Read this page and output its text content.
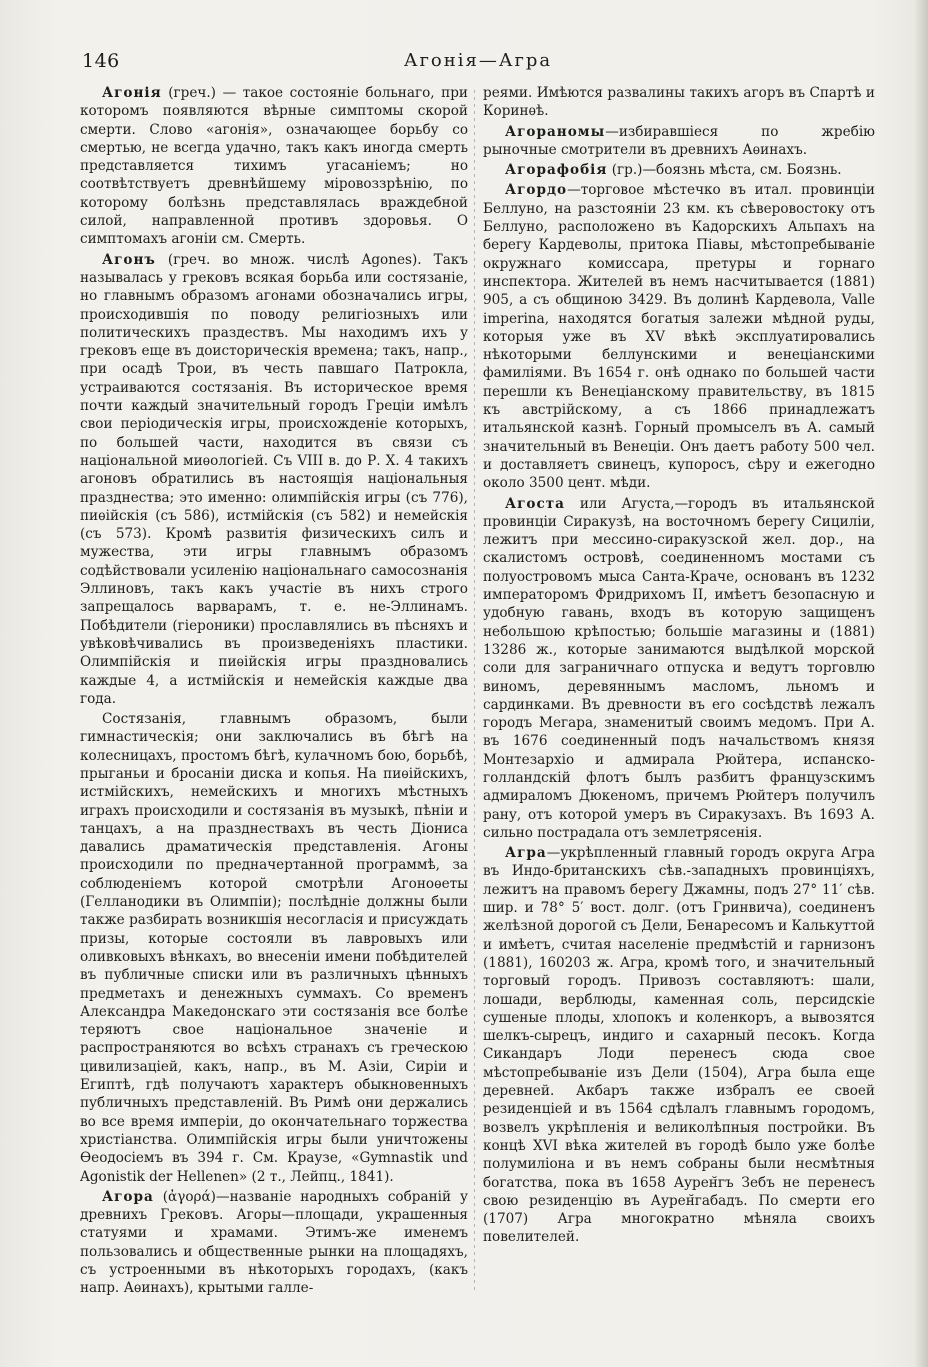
146	Агонiя—Агра

Агонiя (греч.) — такое состоянiе больнаго, при которомъ появляются вѣрные симптомы скорой смерти. Слово «агонiя», означающее борьбу со смертью, не всегда удачно, такъ какъ иногда смерть представляется тихимъ угасанiемъ; но соотвѣтствуетъ древнѣйшему мiровоззрѣнiю, по которому болѣзнь представлялась враждебной силой, направленной противъ здоровья. О симптомахъ агонiи см. Смерть.

Агонъ (греч. во множ. числѣ Agones). Такъ называлась у грековъ всякая борьба или состязанiе, но главнымъ образомъ агонами обозначались игры, происходившiя по поводу религiозныхъ или политическихъ праздествъ. Мы находимъ ихъ у грековъ еще въ доисторическiя времена; такъ, напр., при осадѣ Трои, въ честь павшаго Патрокла, устраиваются состязанiя. Въ историческое время почти каждый значительный городъ Грецiи имѣлъ свои перiодическiя игры, происхожденiе которыхъ, по большей части, находится въ связи съ нацiональной миѳологiей. Съ VIII в. до Р. X. 4 такихъ агоновъ обратились въ настоящiя нацiональныя празднества; это именно: олимпiйскiя игры (съ 776), пиѳiйскiя (съ 586), истмiйскiя (съ 582) и немейскiя (съ 573). Кромѣ развитiя физическихъ силъ и мужества, эти игры главнымъ образомъ содѣйствовали усиленiю нацiональнаго самосознанiя Эллиновъ, такъ какъ участiе въ нихъ строго запрещалось варварамъ, т. е. не-Эллинамъ. Побѣдители (гiероники) прославлялись въ пѣсняхъ и увѣковѣчивались въ произведенiяхъ пластики. Олимпiйскiя и пиѳiйскiя игры праздновались каждые 4, а истмiйскiя и немейскiя каждые два года.

Состязанiя, главнымъ образомъ, были гимнастическiя; они заключались въ бѣгѣ на колесницахъ, простомъ бѣгѣ, кулачномъ бою, борьбѣ, прыганьи и бросанiи диска и копья. На пиѳiйскихъ, истмiйскихъ, немейскихъ и многихъ мѣстныхъ играхъ происходили и состязанiя въ музыкѣ, пѣнiи и танцахъ, а на празднествахъ въ честь Дiониса давались драматическiя представленiя. Агоны происходили по предначертанной программѣ, за соблюденiемъ которой смотрѣли Агоноѳеты (Гелланодики въ Олимпiи); послѣднiе должны были также разбирать возникшiя несогласiя и присуждать призы, которые состояли въ лавровыхъ или оливковыхъ вѣнкахъ, во внесенiи имени побѣдителей въ публичные списки или въ различныхъ цѣнныхъ предметахъ и денежныхъ суммахъ. Со временъ Александра Македонскаго эти состязанiя все болѣе теряютъ свое нацiональное значенiе и распространяются во всѣхъ странахъ съ греческою цивилизацiей, какъ, напр., въ М. Азiи, Сирiи и Египтѣ, гдѣ получаютъ характеръ обыкновенныхъ публичныхъ представленiй. Въ Римѣ они держались во все время имперiи, до окончательнаго торжества христiанства. Олимпiйскiя игры были уничтожены Ѳеодосiемъ въ 394 г. См. Краузе, «Gymnastik und Agonistik der Hellenen» (2 т., Лейпц., 1841).

Агора (ἀγορά)—названiе народныхъ собранiй у древнихъ Грековъ. Агоры—площади, украшенныя статуями и храмами. Этимъ-же именемъ пользовались и общественные рынки на площадяхъ, съ устроенными въ нѣкоторыхъ городахъ, (какъ напр. Аѳинахъ), крытыми галле-

реями. Имѣются развалины такихъ агоръ въ Спартѣ и Коринѳѣ.

Агораномы—избиравшiеся по жребiю рыночные смотрители въ древнихъ Аѳинахъ.

Агорафобiя (гр.)—боязнь мѣста, см. Боязнь.

Агордо—торговое мѣстечко въ итал. провинцiи Беллуно, на разстоянiи 23 км. къ сѣверовостоку отъ Беллуно, расположено въ Кадорскихъ Альпахъ на берегу Кардеволы, притока Пiавы, мѣстопребыванiе окружнаго комиссара, претуры и горнаго инспектора. Жителей въ немъ насчитывается (1881) 905, а съ общиною 3429. Въ долинѣ Кардевола, Valle imperina, находятся богатыя залежи мѣдной руды, которыя уже въ XV вѣкѣ эксплуатировались нѣкоторыми беллунскими и венецiанскими фамилiями. Въ 1654 г. онѣ однако по большей части перешли къ Венецiанскому правительству, въ 1815 къ австрiйскому, а съ 1866 принадлежатъ итальянской казнѣ. Горный промыселъ въ А. самый значительный въ Венецiи. Онъ даетъ работу 500 чел. и доставляетъ свинецъ, купоросъ, сѣру и ежегодно около 3500 цент. мѣди.

Агоста или Агуста,—городъ въ итальянской провинцiи Сиракузѣ, на восточномъ берегу Сицилiи, лежитъ при мессино-сиракузской жел. дор., на скалистомъ островѣ, соединенномъ мостами съ полуостровомъ мыса Санта-Краче, основанъ въ 1232 императоромъ Фридрихомъ II, имѣетъ безопасную и удобную гавань, входъ въ которую защищенъ небольшою крѣпостью; большiе магазины и (1881) 13286 ж., которые занимаются выдѣлкой морской соли для заграничнаго отпуска и ведутъ торговлю виномъ, деревяннымъ масломъ, льномъ и сардинками. Въ древности въ его сосѣдствѣ лежалъ городъ Мегара, знаменитый своимъ медомъ. При А. въ 1676 соединенный подъ начальствомъ князя Монтезархiо и адмирала Рюйтера, испанско-голландскiй флотъ былъ разбитъ французскимъ адмираломъ Дюкеномъ, причемъ Рюйтеръ получилъ рану, отъ которой умеръ въ Сиракузахъ. Въ 1693 А. сильно пострадала отъ землетрясенiя.

Агра—укрѣпленный главный городъ округа Агра въ Индо-британскихъ сѣв.-западныхъ провинцiяхъ, лежитъ на правомъ берегу Джамны, подъ 27° 11′ сѣв. шир. и 78° 5′ вост. долг. (отъ Гринвича), соединенъ желѣзной дорогой съ Дели, Бенаресомъ и Калькуттой и имѣетъ, считая населенiе предмѣстiй и гарнизонъ (1881), 160203 ж. Агра, кромѣ того, и значительный торговый городъ. Привозъ составляютъ: шали, лошади, верблюды, каменная соль, персидскiе сушеные плоды, хлопокъ и коленкоръ, а вывозятся шелкъ-сырецъ, индиго и сахарный песокъ. Когда Сикандаръ Лоди перенесъ сюда свое мѣстопребыванiе изъ Дели (1504), Агра была еще деревней. Акбаръ также избралъ ее своей резиденцiей и въ 1564 сдѣлалъ главнымъ городомъ, возвелъ укрѣпленiя и великолѣпныя постройки. Въ концѣ XVI вѣка жителей въ городѣ было уже болѣе полумилiона и въ немъ собраны были несмѣтныя богатства, пока въ 1658 Аурен̆гъ Зебъ не перенесъ свою резиденцiю въ Аурен̆габадъ. По смерти его (1707) Агра многократно мѣняла своихъ повелителей.
